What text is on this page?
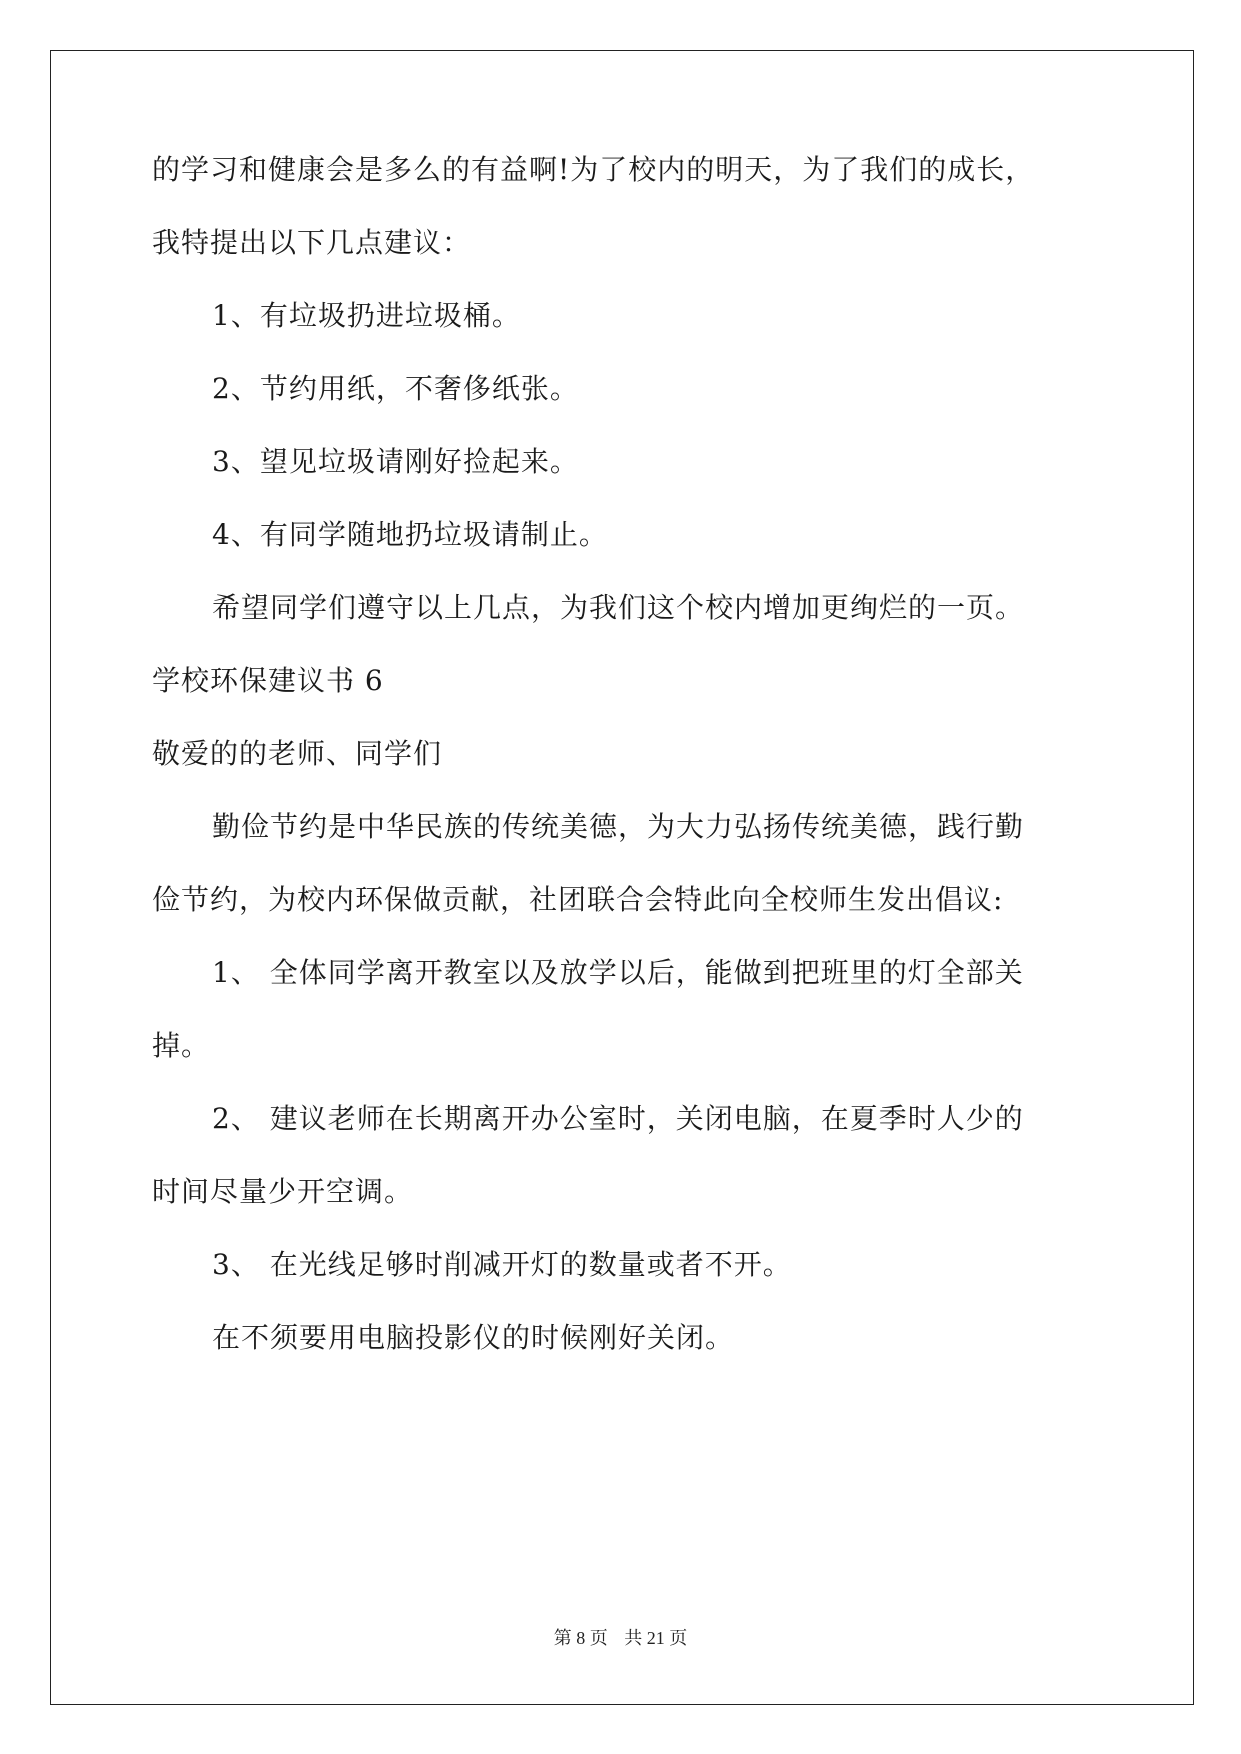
的学习和健康会是多么的有益啊!为了校内的明天，为了我们的成长，
我特提出以下几点建议：
1、有垃圾扔进垃圾桶。
2、节约用纸，不奢侈纸张。
3、望见垃圾请刚好捡起来。
4、有同学随地扔垃圾请制止。
希望同学们遵守以上几点，为我们这个校内增加更绚烂的一页。
学校环保建议书 6
敬爱的的老师、同学们
勤俭节约是中华民族的传统美德，为大力弘扬传统美德，践行勤
俭节约，为校内环保做贡献，社团联合会特此向全校师生发出倡议:
1、 全体同学离开教室以及放学以后，能做到把班里的灯全部关
掉。
2、 建议老师在长期离开办公室时，关闭电脑，在夏季时人少的
时间尽量少开空调。
3、 在光线足够时削减开灯的数量或者不开。
在不须要用电脑投影仪的时候刚好关闭。
第 8 页 共 21 页
